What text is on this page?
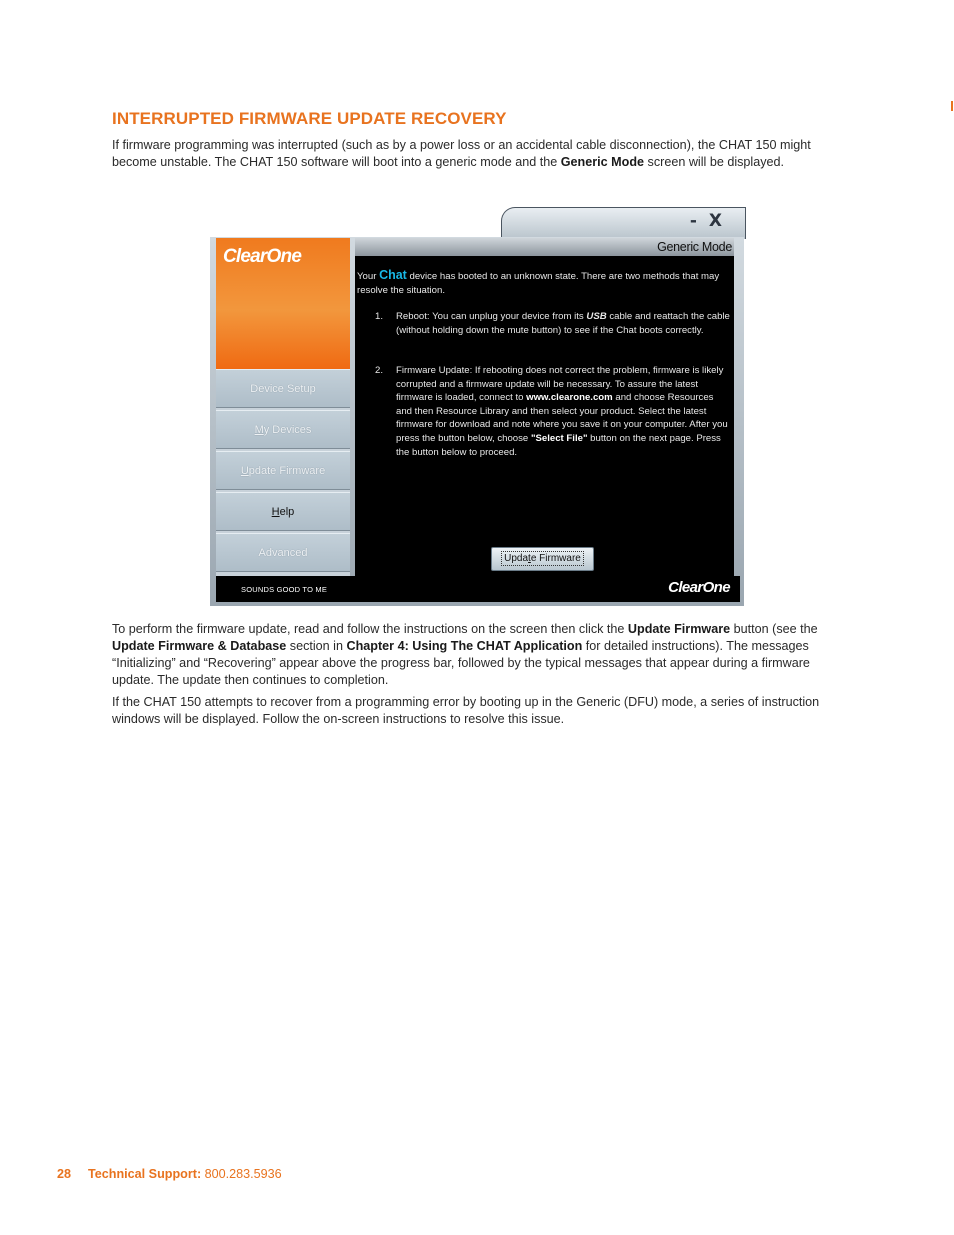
INTERRUPTED FIRMWARE UPDATE RECOVERY

If firmware programming was interrupted (such as by a power loss or an accidental cable disconnection), the CHAT 150 might become unstable. The CHAT 150 software will boot into a generic mode and the Generic Mode screen will be displayed.

- X
ClearOne
Device Setup
My Devices
Update Firmware
Help
Advanced
Generic Mode
Your Chat device has booted to an unknown state. There are two methods that may resolve the situation.
1. Reboot: You can unplug your device from its USB cable and reattach the cable (without holding down the mute button) to see if the Chat boots correctly.
2. Firmware Update: If rebooting does not correct the problem, firmware is likely corrupted and a firmware update will be necessary. To assure the latest firmware is loaded, connect to www.clearone.com and choose Resources and then Resource Library and then select your product. Select the latest firmware for download and note where you save it on your computer. After you press the button below, choose "Select File" button on the next page. Press the button below to proceed.
Update Firmware
SOUNDS GOOD TO ME	ClearOne

To perform the firmware update, read and follow the instructions on the screen then click the Update Firmware button (see the Update Firmware & Database section in Chapter 4: Using The CHAT Application for detailed instructions). The messages “Initializing” and “Recovering” appear above the progress bar, followed by the typical messages that appear during a firmware update. The update then continues to completion.

If the CHAT 150 attempts to recover from a programming error by booting up in the Generic (DFU) mode, a series of instruction windows will be displayed. Follow the on-screen instructions to resolve this issue.

28 Technical Support: 800.283.5936
